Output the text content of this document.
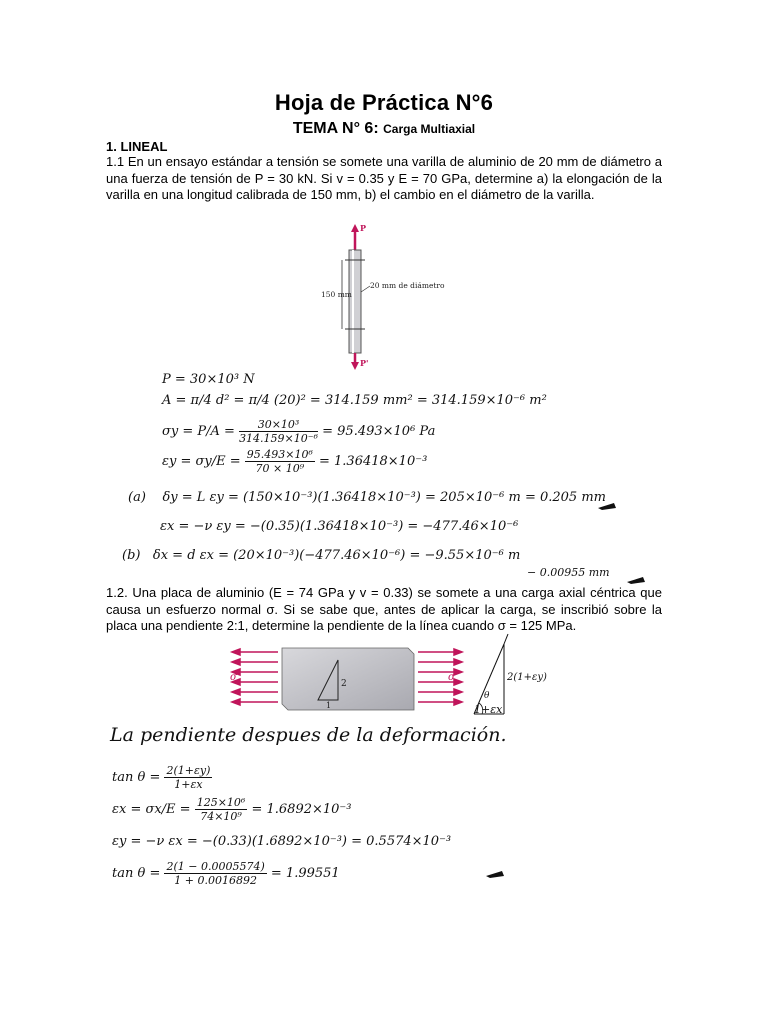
Hoja de Práctica N°6
TEMA N° 6: Carga Multiaxial
1. LINEAL
1.1 En un ensayo estándar a tensión se somete una varilla de aluminio de 20 mm de diámetro a una fuerza de tensión de P = 30 kN. Si v = 0.35 y E = 70 GPa, determine a) la elongación de la varilla en una longitud calibrada de 150 mm, b) el cambio en el diámetro de la varilla.
P
150 mm
20 mm de diámetro
P'
P = 30×10³ N
A = π/4 d² = π/4 (20)² = 314.159 mm² = 314.159×10⁻⁶ m²
$\sigma y = P/A = \frac{\text{30×10³}}{\text{314.159×10⁻⁶}} = 95.493\times 10^6$ Pa
$\varepsilon y = \sigma y/E = \frac{\text{95.493×10⁶}}{\text{70 × 10⁹}} = 1.36418\times 10^{-3}$
(a) δy = L εy = (150×10⁻³)(1.36418×10⁻³) = 205×10⁻⁶ m = 0.205 mm
εx = −ν εy = −(0.35)(1.36418×10⁻³) = −477.46×10⁻⁶
(b) δx = d εx = (20×10⁻³)(−477.46×10⁻⁶) = −9.55×10⁻⁶ m
− 0.00955 mm
1.2. Una placa de aluminio (E = 74 GPa y v = 0.33) se somete a una carga axial céntrica que causa un esfuerzo normal σ. Si se sabe que, antes de aplicar la carga, se inscribió sobre la placa una pendiente 2:1, determine la pendiente de la línea cuando σ = 125 MPa.
σ	σ
2
1
θ
2(1+εy)
1+εx
La pendiente despues de la deformación.
$\tan \theta = \frac{2(1+\varepsilon y)}{1+\varepsilon x}$
$\varepsilon x = \sigma x/E = \frac{\text{125×10⁶}}{\text{74×10⁹}} = 1.6892\times 10^{-3}$
εy = −ν εx = −(0.33)(1.6892×10⁻³) = 0.5574×10⁻³
$\tan \theta = \frac{2(1 - 0.0005574)}{1 + 0.0016892} = 1.99551$
